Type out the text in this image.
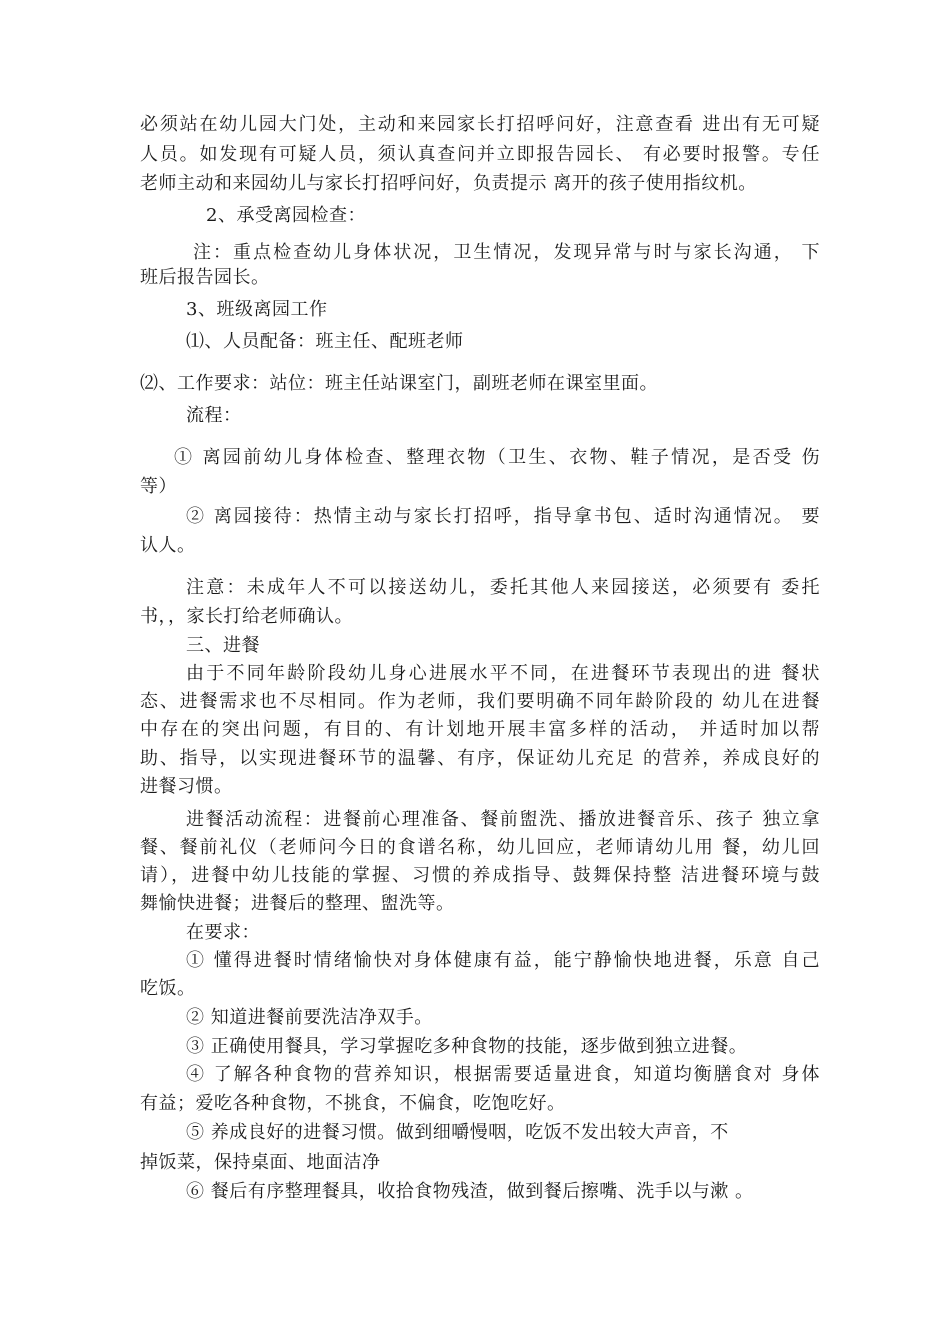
必须站在幼儿园大门处，主动和来园家长打招呼问好，注意查看 进出有无可疑
人员。如发现有可疑人员，须认真查问并立即报告园长、 有必要时报警。专任
老师主动和来园幼儿与家长打招呼问好，负责提示 离开的孩子使用指纹机。
2、承受离园检查：
注：重点检查幼儿身体状况，卫生情况，发现异常与时与家长沟通， 下
班后报告园长。
3、班级离园工作
⑴、人员配备：班主任、配班老师
⑵、工作要求：站位：班主任站课室门，副班老师在课室里面。
流程：
① 离园前幼儿身体检查、整理衣物（卫生、衣物、鞋子情况，是否受 伤
等）
② 离园接待：热情主动与家长打招呼，指导拿书包、适时沟通情况。 要
认人。
注意：未成年人不可以接送幼儿，委托其他人来园接送，必须要有 委托
书，，家长打给老师确认。
三、进餐
由于不同年龄阶段幼儿身心进展水平不同，在进餐环节表现出的进 餐状
态、进餐需求也不尽相同。作为老师，我们要明确不同年龄阶段的 幼儿在进餐
中存在的突出问题，有目的、有计划地开展丰富多样的活动， 并适时加以帮
助、指导，以实现进餐环节的温馨、有序，保证幼儿充足 的营养，养成良好的
进餐习惯。
进餐活动流程：进餐前心理准备、餐前盥洗、播放进餐音乐、孩子 独立拿
餐、餐前礼仪（老师问今日的食谱名称，幼儿回应，老师请幼儿用 餐，幼儿回
请），进餐中幼儿技能的掌握、习惯的养成指导、鼓舞保持整 洁进餐环境与鼓
舞愉快进餐；进餐后的整理、盥洗等。
在要求：
① 懂得进餐时情绪愉快对身体健康有益，能宁静愉快地进餐，乐意 自己
吃饭。
② 知道进餐前要洗洁净双手。
③ 正确使用餐具，学习掌握吃多种食物的技能，逐步做到独立进餐。
④ 了解各种食物的营养知识，根据需要适量进食，知道均衡膳食对 身体
有益；爱吃各种食物，不挑食，不偏食，吃饱吃好。
⑤ 养成良好的进餐习惯。做到细嚼慢咽，吃饭不发出较大声音，不
掉饭菜，保持桌面、地面洁净
⑥ 餐后有序整理餐具，收拾食物残渣，做到餐后擦嘴、洗手以与漱 。
